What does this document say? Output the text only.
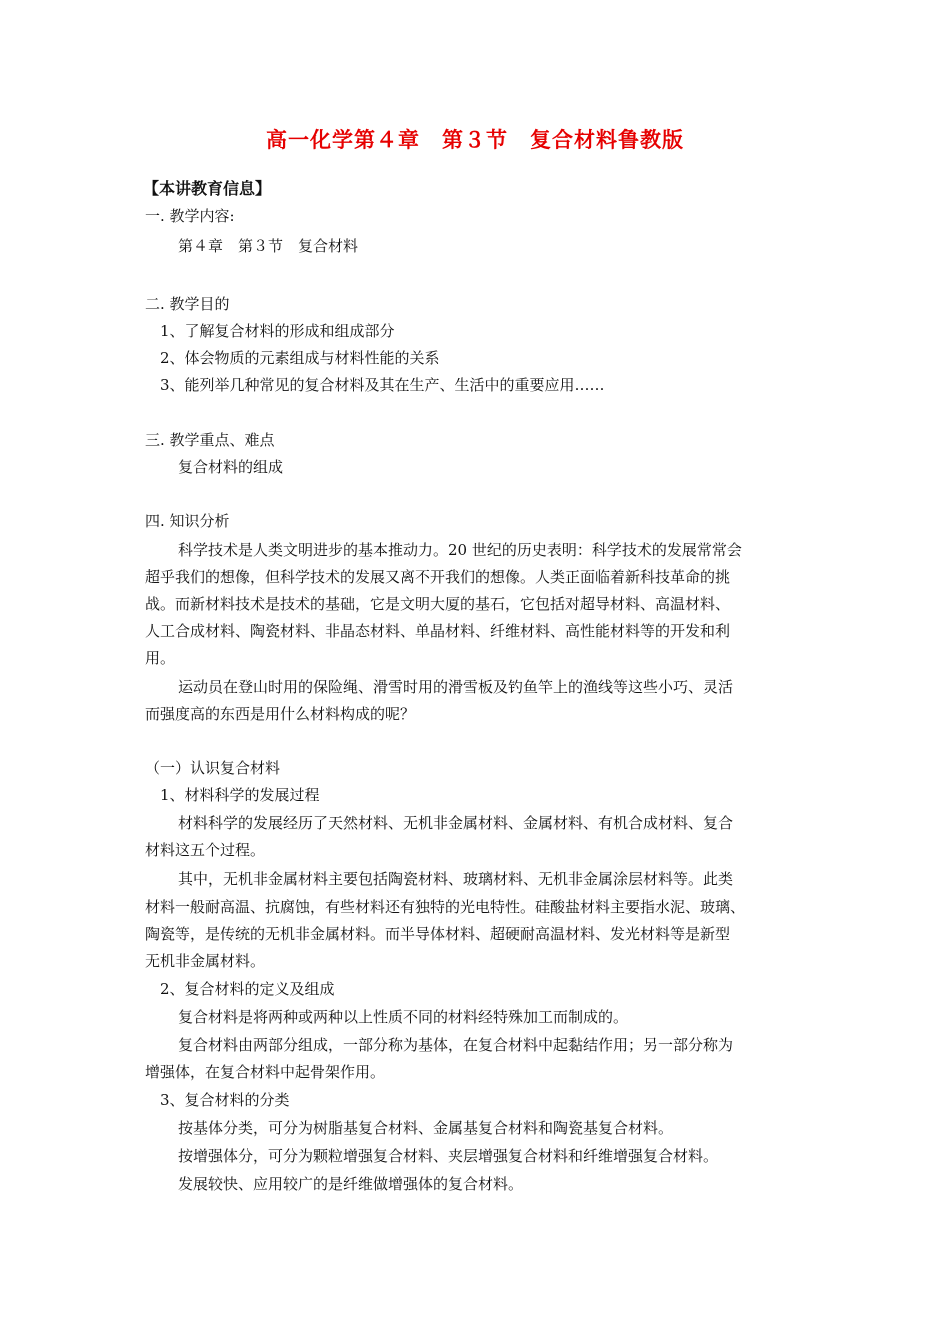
高一化学第４章　第３节　复合材料鲁教版
【本讲教育信息】
一. 教学内容:
第４章　第３节　复合材料
二. 教学目的
1、了解复合材料的形成和组成部分
2、体会物质的元素组成与材料性能的关系
3、能列举几种常见的复合材料及其在生产、生活中的重要应用……
三. 教学重点、难点
复合材料的组成
四. 知识分析
科学技术是人类文明进步的基本推动力。20 世纪的历史表明：科学技术的发展常常会
超乎我们的想像，但科学技术的发展又离不开我们的想像。人类正面临着新科技革命的挑
战。而新材料技术是技术的基础，它是文明大厦的基石，它包括对超导材料、高温材料、
人工合成材料、陶瓷材料、非晶态材料、单晶材料、纤维材料、高性能材料等的开发和利
用。
运动员在登山时用的保险绳、滑雪时用的滑雪板及钓鱼竿上的渔线等这些小巧、灵活
而强度高的东西是用什么材料构成的呢？
（一）认识复合材料
1、材料科学的发展过程
材料科学的发展经历了天然材料、无机非金属材料、金属材料、有机合成材料、复合
材料这五个过程。
其中，无机非金属材料主要包括陶瓷材料、玻璃材料、无机非金属涂层材料等。此类
材料一般耐高温、抗腐蚀，有些材料还有独特的光电特性。硅酸盐材料主要指水泥、玻璃、
陶瓷等，是传统的无机非金属材料。而半导体材料、超硬耐高温材料、发光材料等是新型
无机非金属材料。
2、复合材料的定义及组成
复合材料是将两种或两种以上性质不同的材料经特殊加工而制成的。
复合材料由两部分组成，一部分称为基体，在复合材料中起黏结作用；另一部分称为
增强体，在复合材料中起骨架作用。
3、复合材料的分类
按基体分类，可分为树脂基复合材料、金属基复合材料和陶瓷基复合材料。
按增强体分，可分为颗粒增强复合材料、夹层增强复合材料和纤维增强复合材料。
发展较快、应用较广的是纤维做增强体的复合材料。
